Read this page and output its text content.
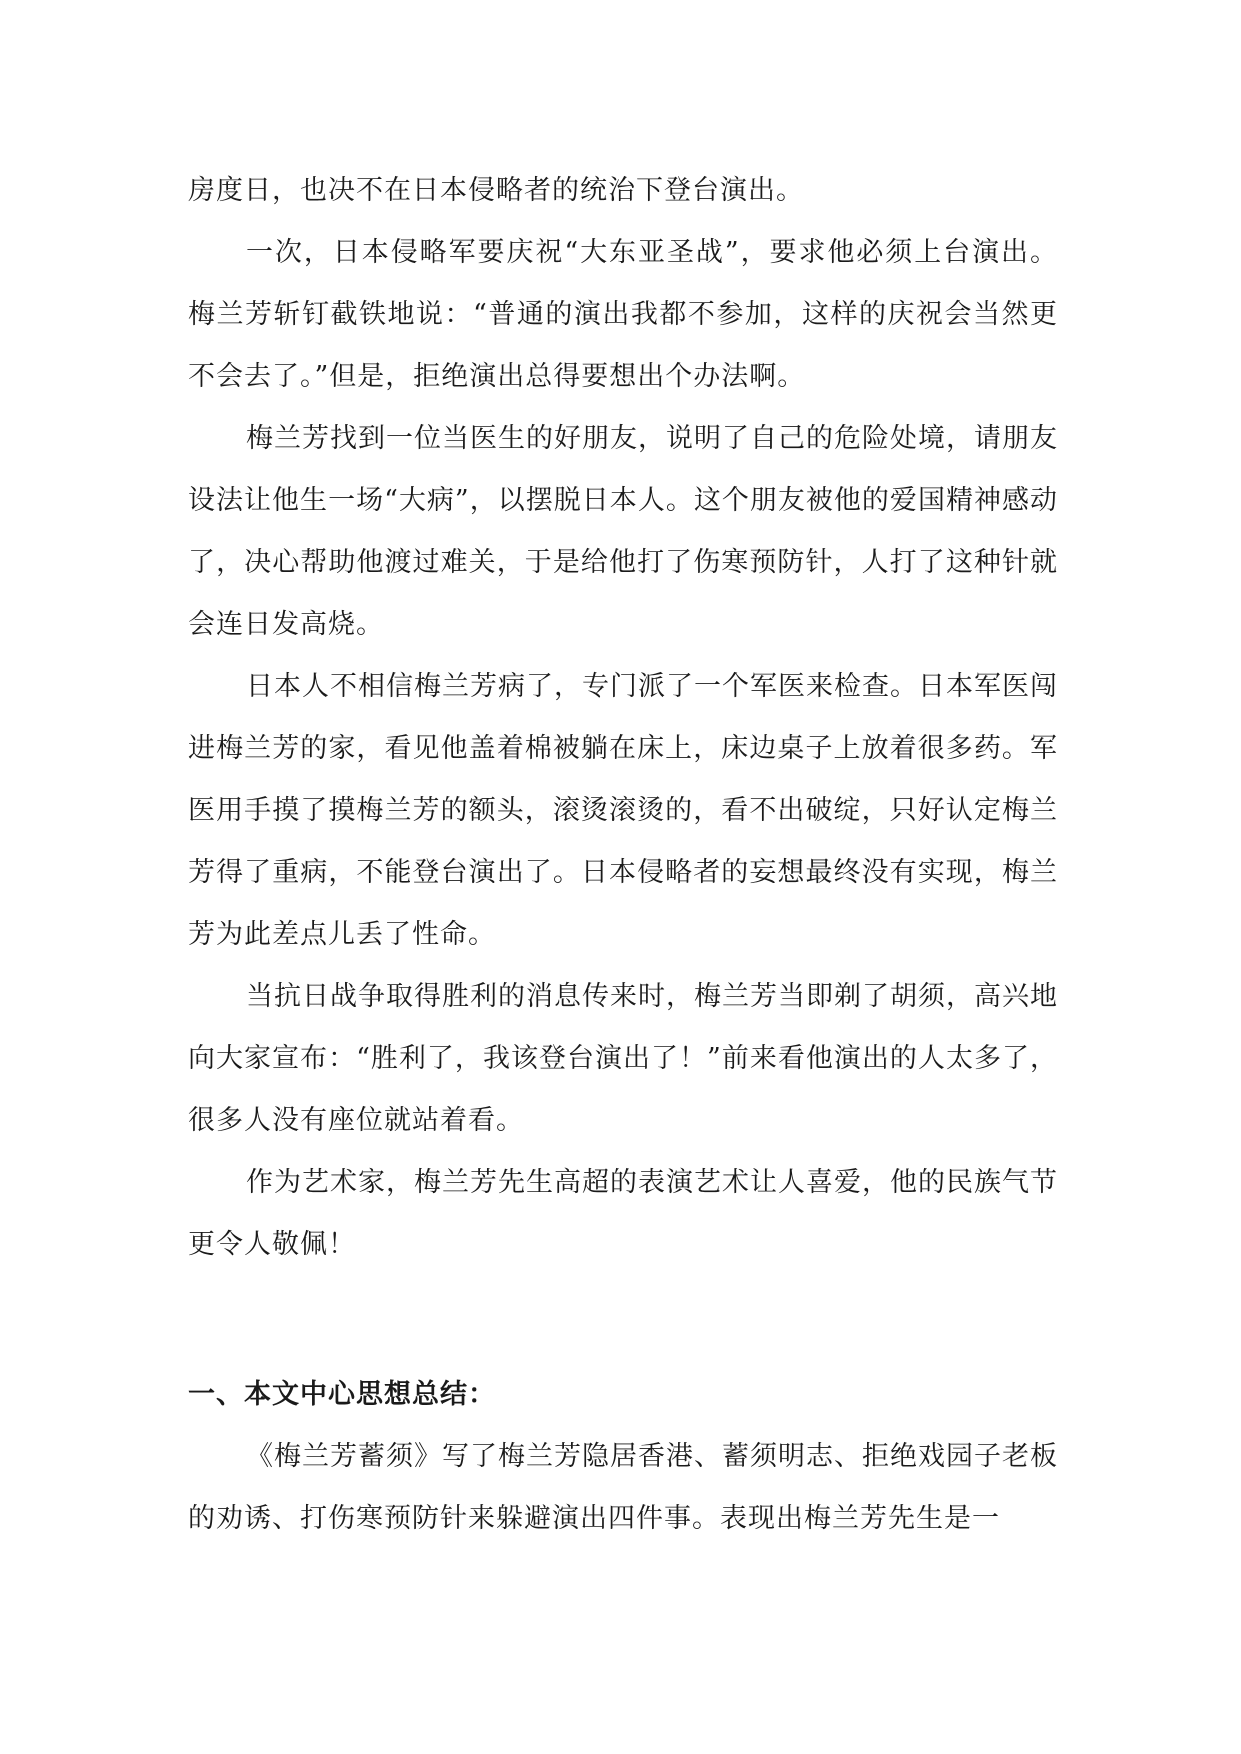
房度日，也决不在日本侵略者的统治下登台演出。

一次，日本侵略军要庆祝“大东亚圣战”，要求他必须上台演出。梅兰芳斩钉截铁地说：“普通的演出我都不参加，这样的庆祝会当然更不会去了。”但是，拒绝演出总得要想出个办法啊。

梅兰芳找到一位当医生的好朋友，说明了自己的危险处境，请朋友设法让他生一场“大病”，以摆脱日本人。这个朋友被他的爱国精神感动了，决心帮助他渡过难关，于是给他打了伤寒预防针，人打了这种针就会连日发高烧。

日本人不相信梅兰芳病了，专门派了一个军医来检查。日本军医闯进梅兰芳的家，看见他盖着棉被躺在床上，床边桌子上放着很多药。军医用手摸了摸梅兰芳的额头，滚烫滚烫的，看不出破绽，只好认定梅兰芳得了重病，不能登台演出了。日本侵略者的妄想最终没有实现，梅兰芳为此差点儿丢了性命。

当抗日战争取得胜利的消息传来时，梅兰芳当即剃了胡须，高兴地向大家宣布：“胜利了，我该登台演出了！”前来看他演出的人太多了，很多人没有座位就站着看。

作为艺术家，梅兰芳先生高超的表演艺术让人喜爱，他的民族气节更令人敬佩！

一、本文中心思想总结：

《梅兰芳蓄须》写了梅兰芳隐居香港、蓄须明志、拒绝戏园子老板的劝诱、打伤寒预防针来躲避演出四件事。表现出梅兰芳先生是一
